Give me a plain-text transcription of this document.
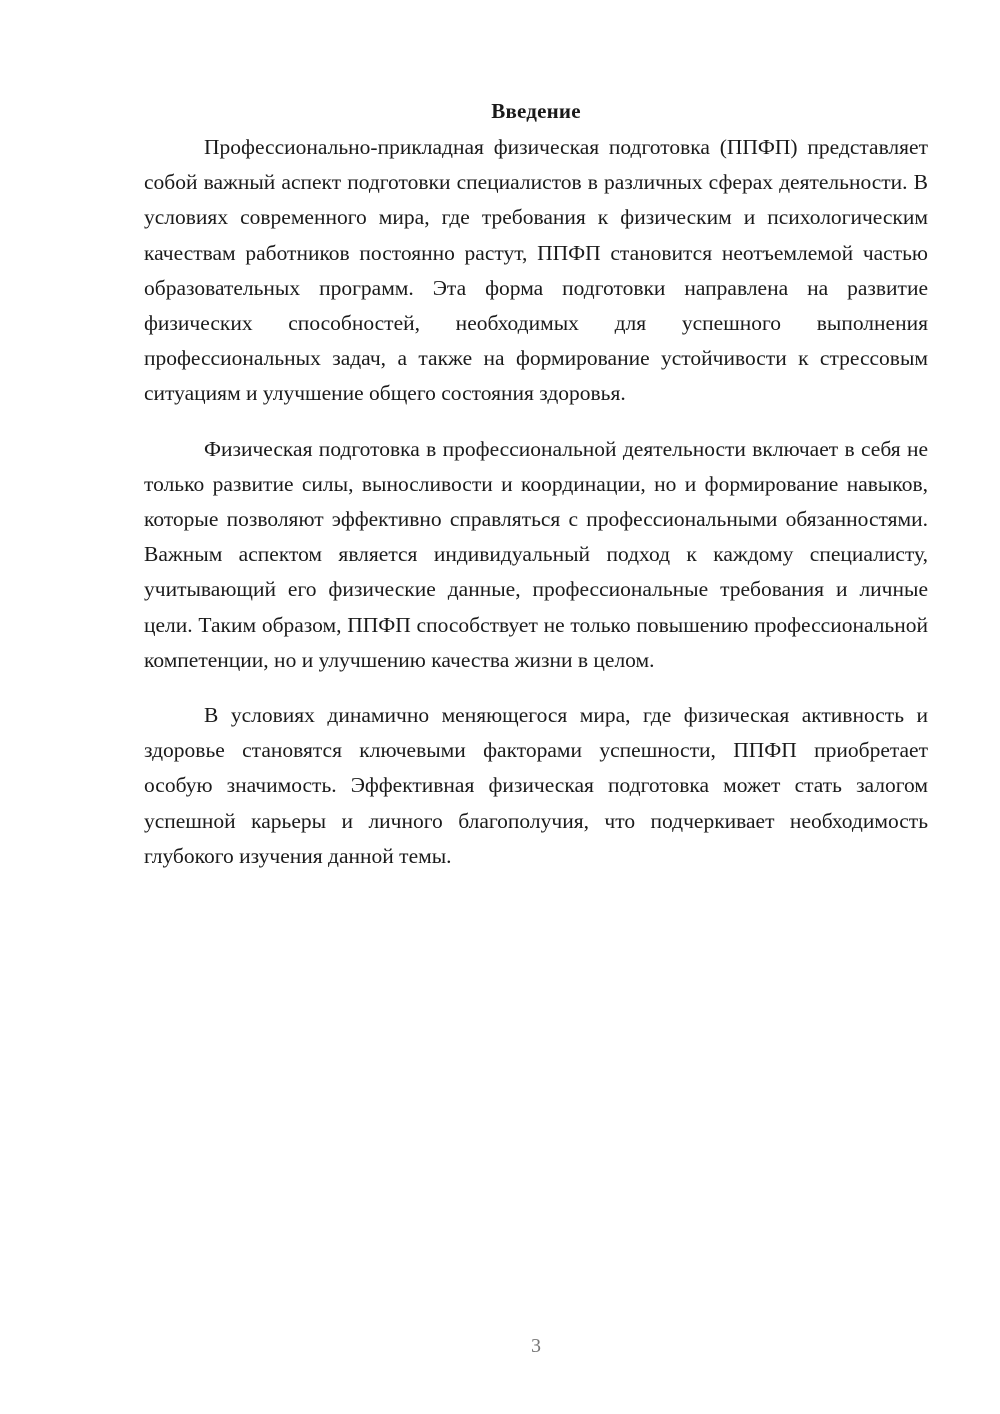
Введение

Профессионально-прикладная физическая подготовка (ППФП) представляет собой важный аспект подготовки специалистов в различных сферах деятельности. В условиях современного мира, где требования к физическим и психологическим качествам работников постоянно растут, ППФП становится неотъемлемой частью образовательных программ. Эта форма подготовки направлена на развитие физических способностей, необходимых для успешного выполнения профессиональных задач, а также на формирование устойчивости к стрессовым ситуациям и улучшение общего состояния здоровья.

Физическая подготовка в профессиональной деятельности включает в себя не только развитие силы, выносливости и координации, но и формирование навыков, которые позволяют эффективно справляться с профессиональными обязанностями. Важным аспектом является индивидуальный подход к каждому специалисту, учитывающий его физические данные, профессиональные требования и личные цели. Таким образом, ППФП способствует не только повышению профессиональной компетенции, но и улучшению качества жизни в целом.

В условиях динамично меняющегося мира, где физическая активность и здоровье становятся ключевыми факторами успешности, ППФП приобретает особую значимость. Эффективная физическая подготовка может стать залогом успешной карьеры и личного благополучия, что подчеркивает необходимость глубокого изучения данной темы.

3
